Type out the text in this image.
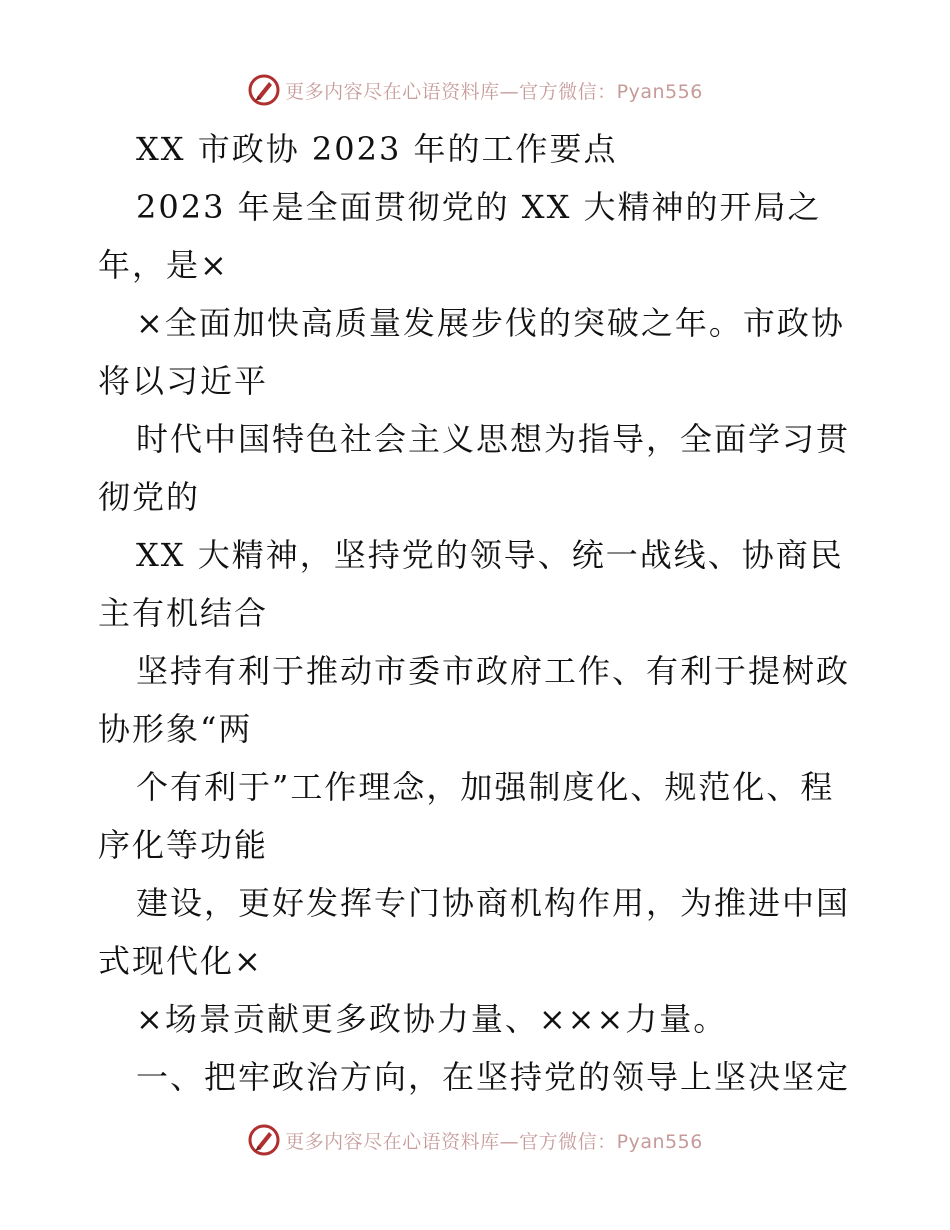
更多内容尽在心语资料库—官方微信：Pyan556
XX 市政协 2023 年的工作要点
2023 年是全面贯彻党的 XX 大精神的开局之
年，是×
×全面加快高质量发展步伐的突破之年。市政协
将以习近平
时代中国特色社会主义思想为指导，全面学习贯
彻党的
XX 大精神，坚持党的领导、统一战线、协商民
主有机结合
坚持有利于推动市委市政府工作、有利于提树政
协形象“两
个有利于”工作理念，加强制度化、规范化、程
序化等功能
建设，更好发挥专门协商机构作用，为推进中国
式现代化×
×场景贡献更多政协力量、×××力量。
一、把牢政治方向，在坚持党的领导上坚决坚定
更多内容尽在心语资料库—官方微信：Pyan556
